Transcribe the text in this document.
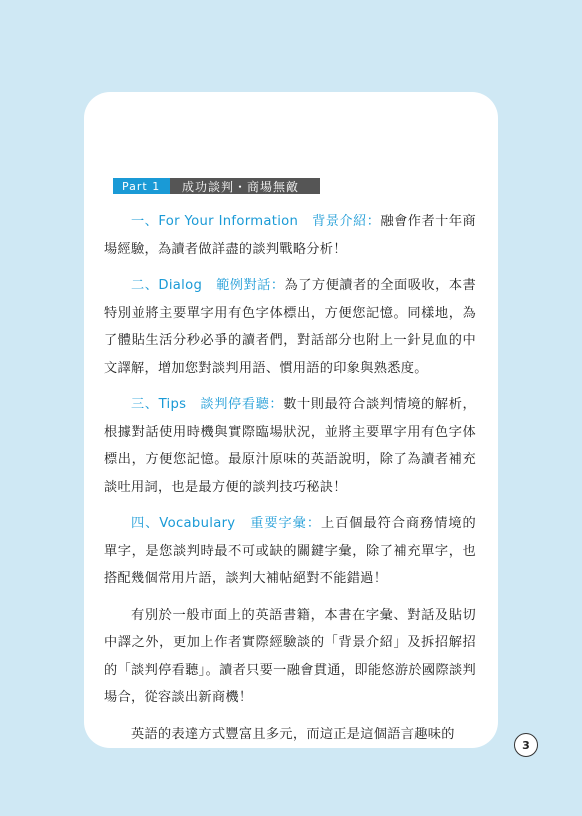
Part 1	成功談判・商場無敵

一、For Your Information　背景介紹：融會作者十年商場經驗，為讀者做詳盡的談判戰略分析！

二、Dialog　範例對話：為了方便讀者的全面吸收，本書特別並將主要單字用有色字体標出，方便您記憶。同樣地，為了體貼生活分秒必爭的讀者們，對話部分也附上一針見血的中文譯解，增加您對談判用語、慣用語的印象與熟悉度。

三、Tips　談判停看聽：數十則最符合談判情境的解析，根據對話使用時機與實際臨場狀況，並將主要單字用有色字体標出，方便您記憶。最原汁原味的英語說明，除了為讀者補充談吐用詞，也是最方便的談判技巧秘訣！

四、Vocabulary　重要字彙：上百個最符合商務情境的單字，是您談判時最不可或缺的關鍵字彙，除了補充單字，也搭配幾個常用片語，談判大補帖絕對不能錯過！

有別於一般市面上的英語書籍，本書在字彙、對話及貼切中譯之外，更加上作者實際經驗談的「背景介紹」及拆招解招的「談判停看聽」。讀者只要一融會貫通，即能悠游於國際談判場合，從容談出新商機！

英語的表達方式豐富且多元，而這正是這個語言趣味的

3
